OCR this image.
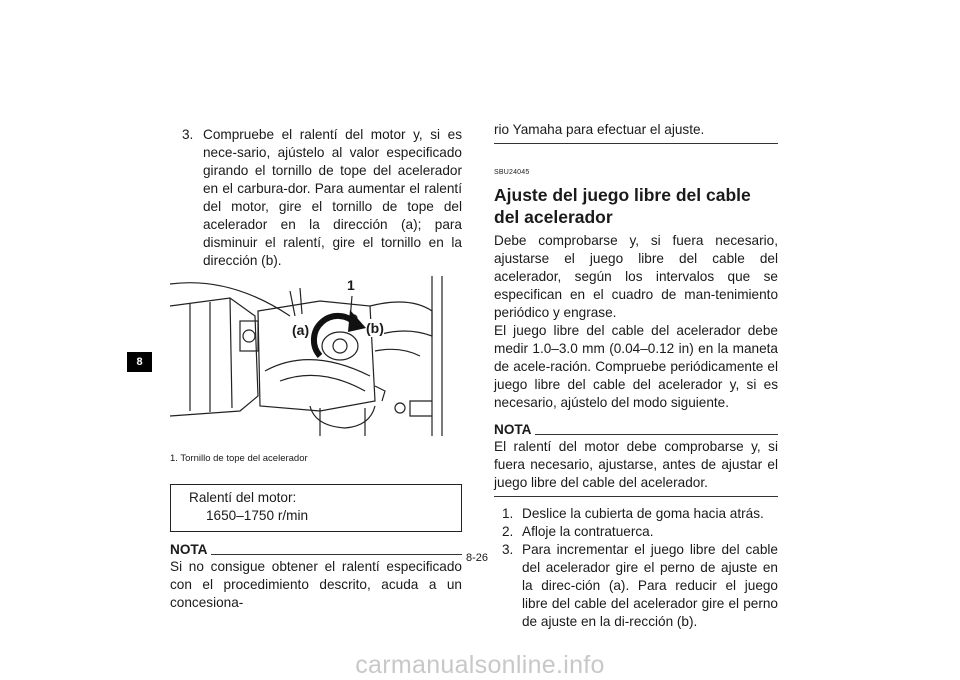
8
3. Compruebe el ralentí del motor y, si es nece-sario, ajústelo al valor especificado girando el tornillo de tope del acelerador en el carbura-dor. Para aumentar el ralentí del motor, gire el tornillo de tope del acelerador en la dirección (a); para disminuir el ralentí, gire el tornillo en la dirección (b).
1
(a)	(b)
1. Tornillo de tope del acelerador
Ralentí del motor:
1650–1750 r/min
NOTA
Si no consigue obtener el ralentí especificado con el procedimiento descrito, acuda a un concesiona-
rio Yamaha para efectuar el ajuste.
SBU24045
Ajuste del juego libre del cable del acelerador
Debe comprobarse y, si fuera necesario, ajustarse el juego libre del cable del acelerador, según los intervalos que se especifican en el cuadro de man-tenimiento periódico y engrase.
El juego libre del cable del acelerador debe medir 1.0–3.0 mm (0.04–0.12 in) en la maneta de acele-ración. Compruebe periódicamente el juego libre del cable del acelerador y, si es necesario, ajústelo del modo siguiente.
NOTA
El ralentí del motor debe comprobarse y, si fuera necesario, ajustarse, antes de ajustar el juego libre del cable del acelerador.
1. Deslice la cubierta de goma hacia atrás.
2. Afloje la contratuerca.
3. Para incrementar el juego libre del cable del acelerador gire el perno de ajuste en la direc-ción (a). Para reducir el juego libre del cable del acelerador gire el perno de ajuste en la di-rección (b).
8-26
carmanualsonline.info
